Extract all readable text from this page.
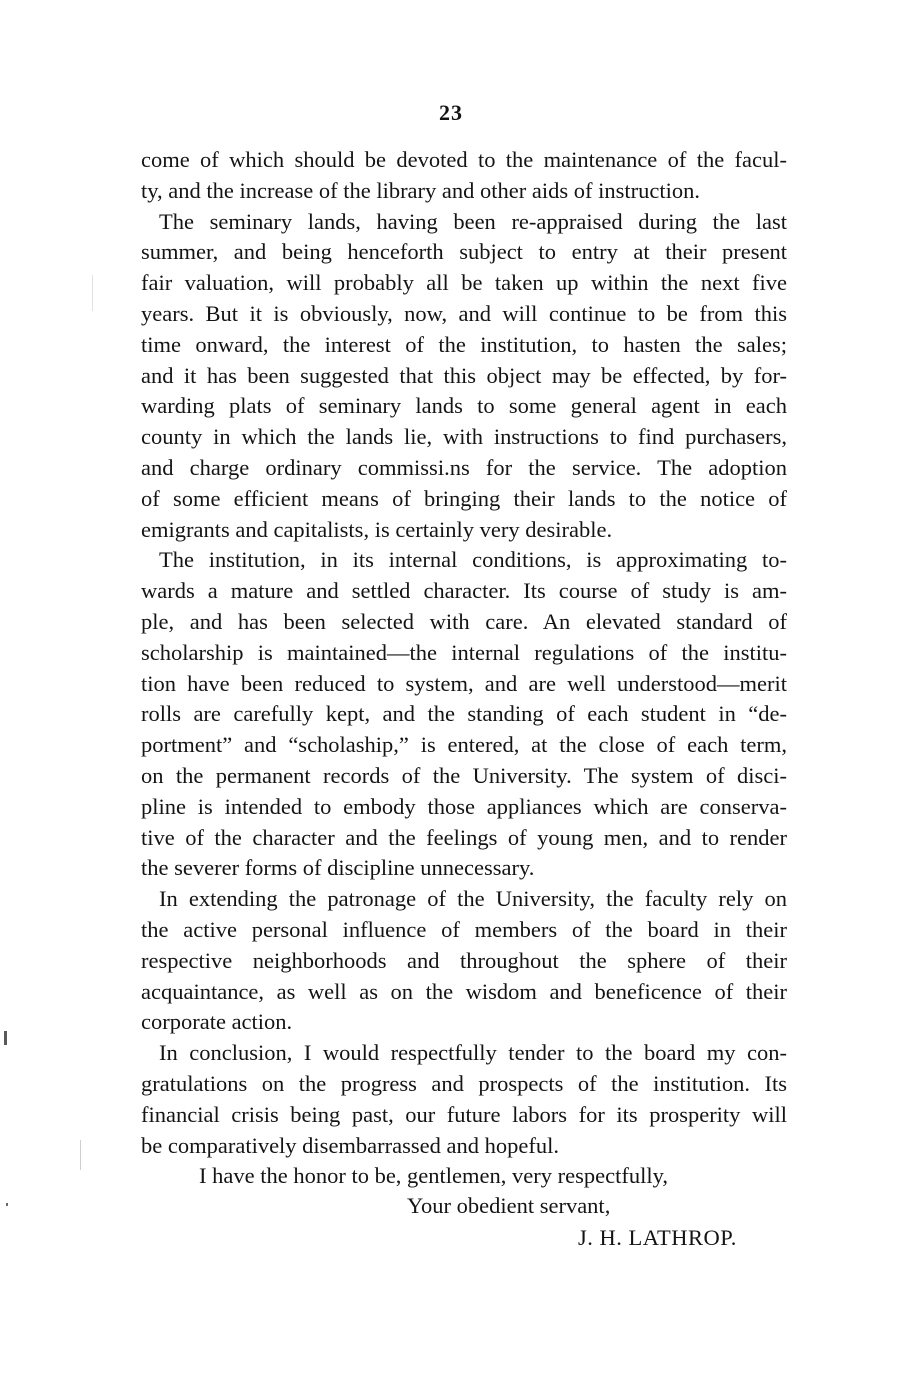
23
come of which should be devoted to the maintenance of the facul-
ty, and the increase of the library and other aids of instruction.
The seminary lands, having been re-appraised during the last
summer, and being henceforth subject to entry at their present
fair valuation, will probably all be taken up within the next five
years. But it is obviously, now, and will continue to be from this
time onward, the interest of the institution, to hasten the sales;
and it has been suggested that this object may be effected, by for-
warding plats of seminary lands to some general agent in each
county in which the lands lie, with instructions to find purchasers,
and charge ordinary commissi.ns for the service. The adoption
of some efficient means of bringing their lands to the notice of
emigrants and capitalists, is certainly very desirable.
The institution, in its internal conditions, is approximating to-
wards a mature and settled character. Its course of study is am-
ple, and has been selected with care. An elevated standard of
scholarship is maintained—the internal regulations of the institu-
tion have been reduced to system, and are well understood—merit
rolls are carefully kept, and the standing of each student in “de-
portment” and “scholaship,” is entered, at the close of each term,
on the permanent records of the University. The system of disci-
pline is intended to embody those appliances which are conserva-
tive of the character and the feelings of young men, and to render
the severer forms of discipline unnecessary.
In extending the patronage of the University, the faculty rely on
the active personal influence of members of the board in their
respective neighborhoods and throughout the sphere of their
acquaintance, as well as on the wisdom and beneficence of their
corporate action.
In conclusion, I would respectfully tender to the board my con-
gratulations on the progress and prospects of the institution. Its
financial crisis being past, our future labors for its prosperity will
be comparatively disembarrassed and hopeful.
I have the honor to be, gentlemen, very respectfully,
Your obedient servant,
J. H. LATHROP.
